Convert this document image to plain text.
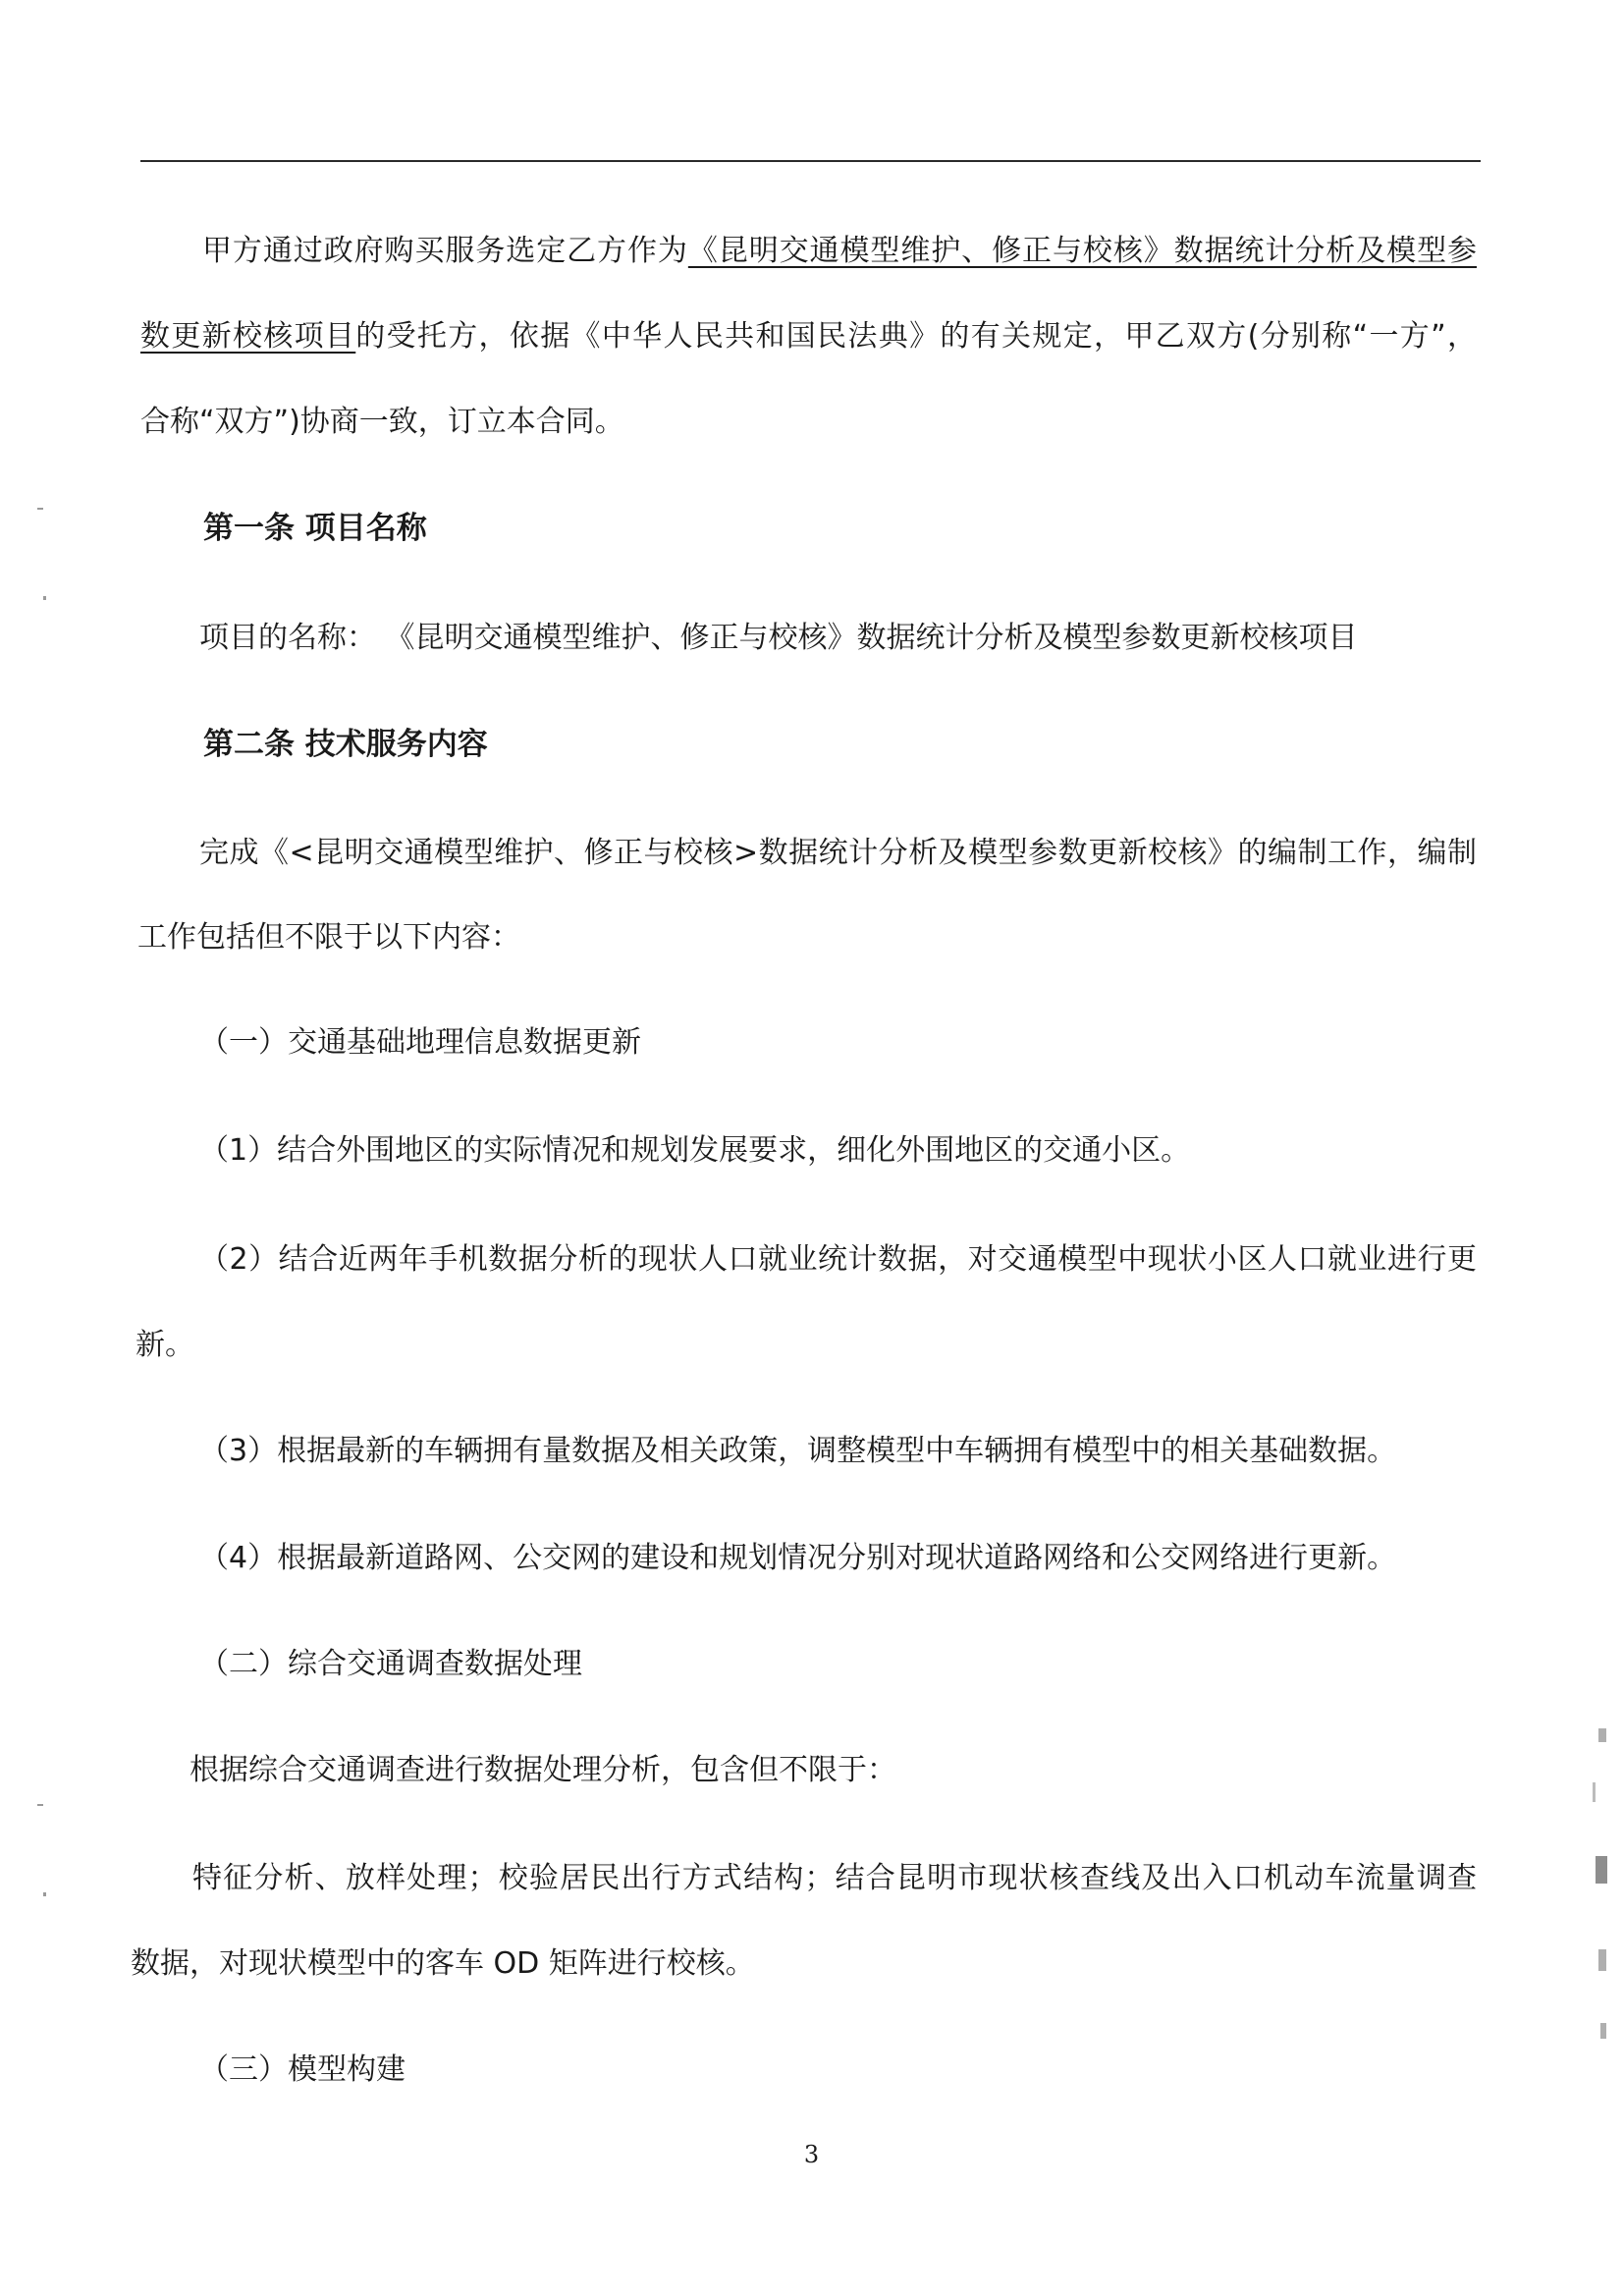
甲方通过政府购买服务选定乙方作为《昆明交通模型维护、修正与校核》数据统计分析及模型参
数更新校核项目的受托方，依据《中华人民共和国民法典》的有关规定，甲乙双方(分别称“一方”，
合称“双方”)协商一致，订立本合同。
第一条 项目名称
项目的名称： 《昆明交通模型维护、修正与校核》数据统计分析及模型参数更新校核项目
第二条 技术服务内容
完成《<昆明交通模型维护、修正与校核>数据统计分析及模型参数更新校核》的编制工作，编制
工作包括但不限于以下内容：
（一）交通基础地理信息数据更新
（1）结合外围地区的实际情况和规划发展要求，细化外围地区的交通小区。
（2）结合近两年手机数据分析的现状人口就业统计数据，对交通模型中现状小区人口就业进行更
新。
（3）根据最新的车辆拥有量数据及相关政策，调整模型中车辆拥有模型中的相关基础数据。
（4）根据最新道路网、公交网的建设和规划情况分别对现状道路网络和公交网络进行更新。
（二）综合交通调查数据处理
根据综合交通调查进行数据处理分析，包含但不限于：
特征分析、放样处理；校验居民出行方式结构；结合昆明市现状核查线及出入口机动车流量调查
数据，对现状模型中的客车 OD 矩阵进行校核。
（三）模型构建
3
